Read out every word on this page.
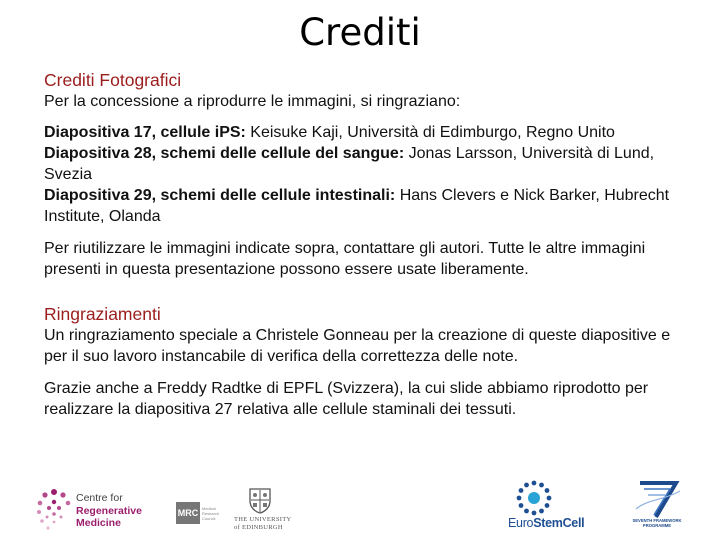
Crediti
Crediti Fotografici
Per la concessione a riprodurre le immagini, si ringraziano:
Diapositiva 17, cellule iPS: Keisuke Kaji, Università di Edimburgo, Regno Unito
Diapositiva 28, schemi delle cellule del sangue: Jonas Larsson, Università di Lund, Svezia
Diapositiva 29, schemi delle cellule intestinali: Hans Clevers e Nick Barker, Hubrecht Institute, Olanda
Per riutilizzare le immagini indicate sopra, contattare gli autori. Tutte le altre immagini presenti in questa presentazione possono essere usate liberamente.
Ringraziamenti
Un ringraziamento speciale a Christele Gonneau per la creazione di queste diapositive e per il suo lavoro instancabile di verifica della correttezza delle note.
Grazie anche a Freddy Radtke di EPFL (Svizzera), la cui slide abbiamo riprodotto per realizzare la diapositiva 27 relativa alle cellule staminali dei tessuti.
Centre for
Regenerative
Medicine
MRC Medical Research Council	THE UNIVERSITY
of EDINBURGH	EuroStemCell	SEVENTH FRAMEWORK
PROGRAMME
